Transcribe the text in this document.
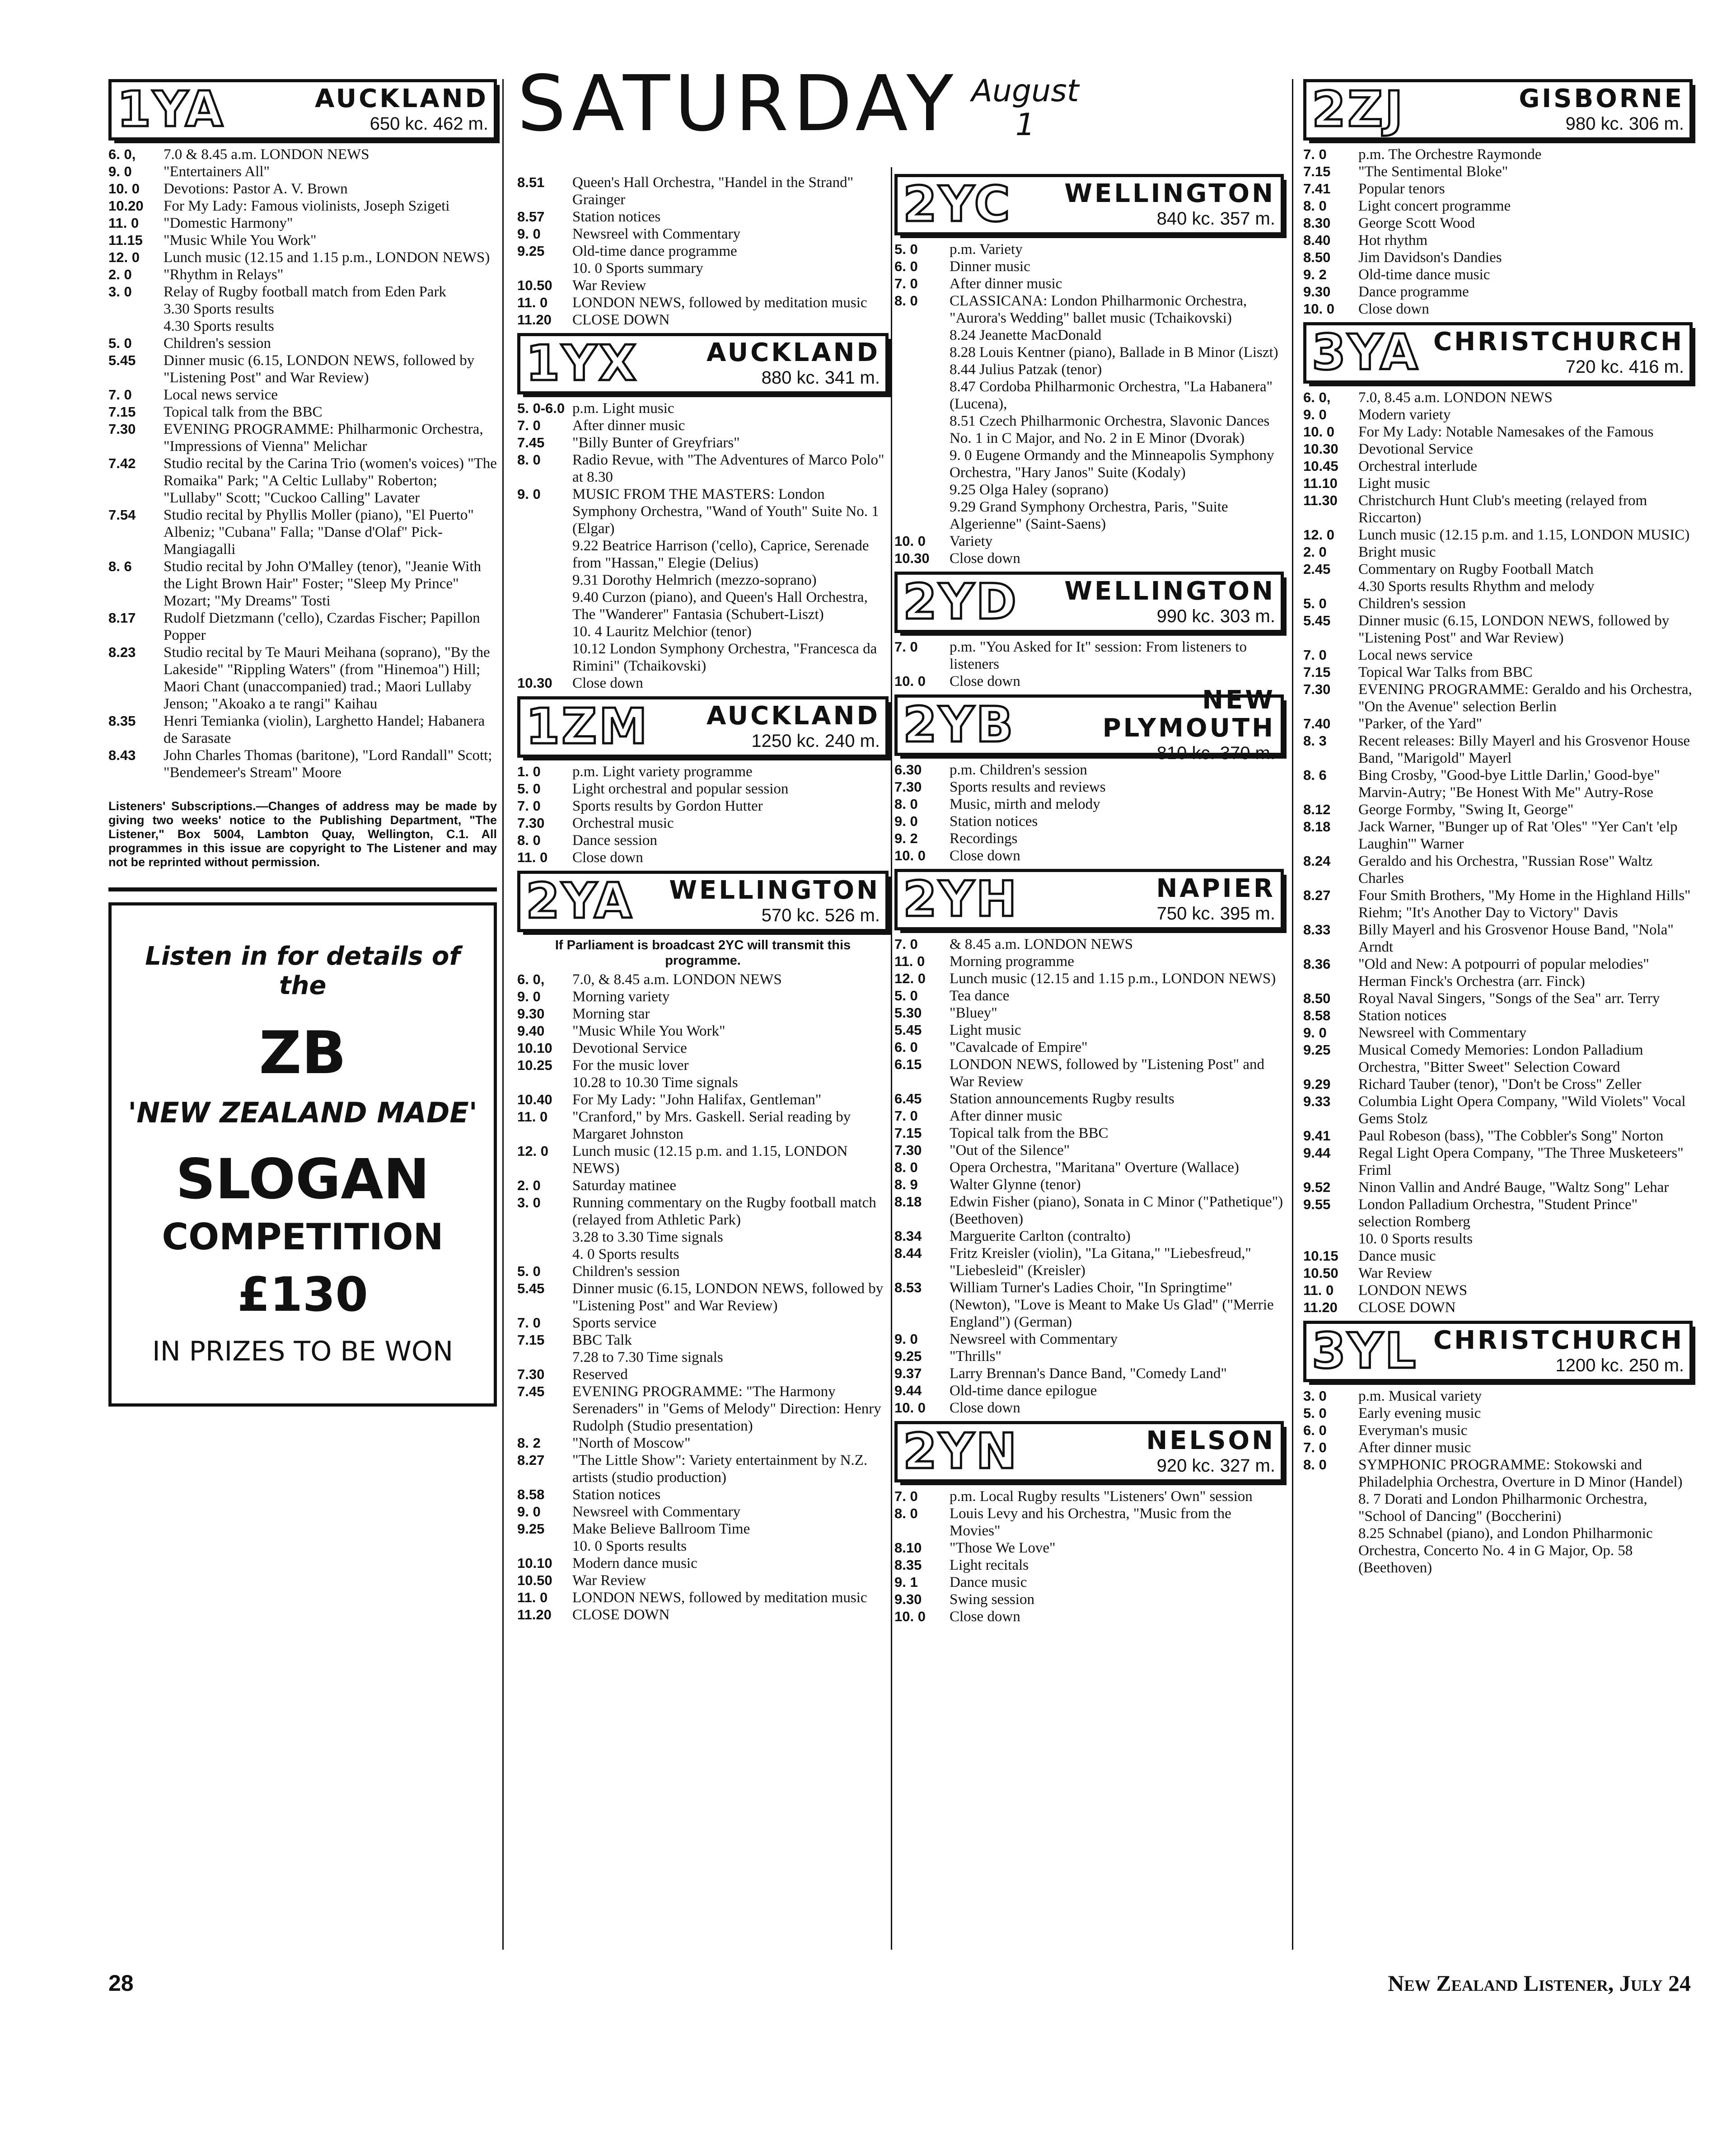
1YA	AUCKLAND
650 kc. 462 m.
6. 0,	7.0 & 8.45 a.m. LONDON NEWS
9. 0	"Entertainers All"
10. 0	Devotions: Pastor A. V. Brown
10.20	For My Lady: Famous violinists, Joseph Szigeti
11. 0	"Domestic Harmony"
11.15	"Music While You Work"
12. 0	Lunch music (12.15 and 1.15 p.m., LONDON NEWS)
2. 0	"Rhythm in Relays"
3. 0	Relay of Rugby football match from Eden Park
3.30 Sports results
4.30 Sports results
5. 0	Children's session
5.45	Dinner music (6.15, LONDON NEWS, followed by "Listening Post" and War Review)
7. 0	Local news service
7.15	Topical talk from the BBC
7.30	EVENING PROGRAMME: Philharmonic Orchestra, "Impressions of Vienna" Melichar
7.42	Studio recital by the Carina Trio (women's voices) "The Romaika" Park; "A Celtic Lullaby" Roberton; "Lullaby" Scott; "Cuckoo Calling" Lavater
7.54	Studio recital by Phyllis Moller (piano), "El Puerto" Albeniz; "Cubana" Falla; "Danse d'Olaf" Pick-Mangiagalli
8. 6	Studio recital by John O'Malley (tenor), "Jeanie With the Light Brown Hair" Foster; "Sleep My Prince" Mozart; "My Dreams" Tosti
8.17	Rudolf Dietzmann ('cello), Czardas Fischer; Papillon Popper
8.23	Studio recital by Te Mauri Meihana (soprano), "By the Lakeside" "Rippling Waters" (from "Hinemoa") Hill; Maori Chant (unaccompanied) trad.; Maori Lullaby Jenson; "Akoako a te rangi" Kaihau
8.35	Henri Temianka (violin), Larghetto Handel; Habanera de Sarasate
8.43	John Charles Thomas (baritone), "Lord Randall" Scott; "Bendemeer's Stream" Moore
Listeners' Subscriptions.—Changes of address may be made by giving two weeks' notice to the Publishing Department, "The Listener," Box 5004, Lambton Quay, Wellington, C.1. All programmes in this issue are copyright to The Listener and may not be reprinted without permission.
Listen in for details of the
ZB
'NEW ZEALAND MADE'
SLOGAN
COMPETITION
£130
IN PRIZES TO BE WON
SATURDAY August
1
8.51	Queen's Hall Orchestra, "Handel in the Strand" Grainger
8.57	Station notices
9. 0	Newsreel with Commentary
9.25	Old-time dance programme
10. 0 Sports summary
10.50	War Review
11. 0	LONDON NEWS, followed by meditation music
11.20	CLOSE DOWN
1YX	AUCKLAND
880 kc. 341 m.
5. 0-6.0 p.m. Light music
7. 0	After dinner music
7.45	"Billy Bunter of Greyfriars"
8. 0	Radio Revue, with "The Adventures of Marco Polo" at 8.30
9. 0	MUSIC FROM THE MASTERS: London Symphony Orchestra, "Wand of Youth" Suite No. 1 (Elgar)
9.22 Beatrice Harrison ('cello), Caprice, Serenade from "Hassan," Elegie (Delius)
9.31 Dorothy Helmrich (mezzo-soprano)
9.40 Curzon (piano), and Queen's Hall Orchestra, The "Wanderer" Fantasia (Schubert-Liszt)
10. 4 Lauritz Melchior (tenor)
10.12 London Symphony Orchestra, "Francesca da Rimini" (Tchaikovski)
10.30	Close down
1ZM	AUCKLAND
1250 kc. 240 m.
1. 0	p.m. Light variety programme
5. 0	Light orchestral and popular session
7. 0	Sports results by Gordon Hutter
7.30	Orchestral music
8. 0	Dance session
11. 0	Close down
2YA	WELLINGTON
570 kc. 526 m.
If Parliament is broadcast 2YC will transmit this programme.
6. 0,	7.0, & 8.45 a.m. LONDON NEWS
9. 0	Morning variety
9.30	Morning star
9.40	"Music While You Work"
10.10	Devotional Service
10.25	For the music lover
10.28 to 10.30 Time signals
10.40	For My Lady: "John Halifax, Gentleman"
11. 0	"Cranford," by Mrs. Gaskell. Serial reading by Margaret Johnston
12. 0	Lunch music (12.15 p.m. and 1.15, LONDON NEWS)
2. 0	Saturday matinee
3. 0	Running commentary on the Rugby football match (relayed from Athletic Park)
3.28 to 3.30 Time signals
4. 0 Sports results
5. 0	Children's session
5.45	Dinner music (6.15, LONDON NEWS, followed by "Listening Post" and War Review)
7. 0	Sports service
7.15	BBC Talk
7.28 to 7.30 Time signals
7.30	Reserved
7.45	EVENING PROGRAMME: "The Harmony Serenaders" in "Gems of Melody" Direction: Henry Rudolph (Studio presentation)
8. 2	"North of Moscow"
8.27	"The Little Show": Variety entertainment by N.Z. artists (studio production)
8.58	Station notices
9. 0	Newsreel with Commentary
9.25	Make Believe Ballroom Time
10. 0 Sports results
10.10	Modern dance music
10.50	War Review
11. 0	LONDON NEWS, followed by meditation music
11.20	CLOSE DOWN
2YC	WELLINGTON
840 kc. 357 m.
5. 0	p.m. Variety
6. 0	Dinner music
7. 0	After dinner music
8. 0	CLASSICANA: London Philharmonic Orchestra, "Aurora's Wedding" ballet music (Tchaikovski)
8.24 Jeanette MacDonald
8.28 Louis Kentner (piano), Ballade in B Minor (Liszt)
8.44 Julius Patzak (tenor)
8.47 Cordoba Philharmonic Orchestra, "La Habanera" (Lucena),
8.51 Czech Philharmonic Orchestra, Slavonic Dances No. 1 in C Major, and No. 2 in E Minor (Dvorak)
9. 0 Eugene Ormandy and the Minneapolis Symphony Orchestra, "Hary Janos" Suite (Kodaly)
9.25 Olga Haley (soprano)
9.29 Grand Symphony Orchestra, Paris, "Suite Algerienne" (Saint-Saens)
10. 0	Variety
10.30	Close down
2YD	WELLINGTON
990 kc. 303 m.
7. 0	p.m. "You Asked for It" session: From listeners to listeners
10. 0	Close down
2YB	NEW PLYMOUTH
810 kc. 370 m.
6.30	p.m. Children's session
7.30	Sports results and reviews
8. 0	Music, mirth and melody
9. 0	Station notices
9. 2	Recordings
10. 0	Close down
2YH	NAPIER
750 kc. 395 m.
7. 0	& 8.45 a.m. LONDON NEWS
11. 0	Morning programme
12. 0	Lunch music (12.15 and 1.15 p.m., LONDON NEWS)
5. 0	Tea dance
5.30	"Bluey"
5.45	Light music
6. 0	"Cavalcade of Empire"
6.15	LONDON NEWS, followed by "Listening Post" and War Review
6.45	Station announcements Rugby results
7. 0	After dinner music
7.15	Topical talk from the BBC
7.30	"Out of the Silence"
8. 0	Opera Orchestra, "Maritana" Overture (Wallace)
8. 9	Walter Glynne (tenor)
8.18	Edwin Fisher (piano), Sonata in C Minor ("Pathetique") (Beethoven)
8.34	Marguerite Carlton (contralto)
8.44	Fritz Kreisler (violin), "La Gitana," "Liebesfreud," "Liebesleid" (Kreisler)
8.53	William Turner's Ladies Choir, "In Springtime" (Newton), "Love is Meant to Make Us Glad" ("Merrie England") (German)
9. 0	Newsreel with Commentary
9.25	"Thrills"
9.37	Larry Brennan's Dance Band, "Comedy Land"
9.44	Old-time dance epilogue
10. 0	Close down
2YN	NELSON
920 kc. 327 m.
7. 0	p.m. Local Rugby results "Listeners' Own" session
8. 0	Louis Levy and his Orchestra, "Music from the Movies"
8.10	"Those We Love"
8.35	Light recitals
9. 1	Dance music
9.30	Swing session
10. 0	Close down
2ZJ	GISBORNE
980 kc. 306 m.
7. 0	p.m. The Orchestre Raymonde
7.15	"The Sentimental Bloke"
7.41	Popular tenors
8. 0	Light concert programme
8.30	George Scott Wood
8.40	Hot rhythm
8.50	Jim Davidson's Dandies
9. 2	Old-time dance music
9.30	Dance programme
10. 0	Close down
3YA CHRISTCHURCH
720 kc. 416 m.
6. 0,	7.0, 8.45 a.m. LONDON NEWS
9. 0	Modern variety
10. 0	For My Lady: Notable Namesakes of the Famous
10.30	Devotional Service
10.45	Orchestral interlude
11.10	Light music
11.30	Christchurch Hunt Club's meeting (relayed from Riccarton)
12. 0	Lunch music (12.15 p.m. and 1.15, LONDON MUSIC)
2. 0	Bright music
2.45	Commentary on Rugby Football Match
4.30 Sports results Rhythm and melody
5. 0	Children's session
5.45	Dinner music (6.15, LONDON NEWS, followed by "Listening Post" and War Review)
7. 0	Local news service
7.15	Topical War Talks from BBC
7.30	EVENING PROGRAMME: Geraldo and his Orchestra, "On the Avenue" selection Berlin
7.40	"Parker, of the Yard"
8. 3	Recent releases: Billy Mayerl and his Grosvenor House Band, "Marigold" Mayerl
8. 6	Bing Crosby, "Good-bye Little Darlin,' Good-bye" Marvin-Autry; "Be Honest With Me" Autry-Rose
8.12	George Formby, "Swing It, George"
8.18	Jack Warner, "Bunger up of Rat 'Oles" "Yer Can't 'elp Laughin'" Warner
8.24	Geraldo and his Orchestra, "Russian Rose" Waltz Charles
8.27	Four Smith Brothers, "My Home in the Highland Hills" Riehm; "It's Another Day to Victory" Davis
8.33	Billy Mayerl and his Grosvenor House Band, "Nola" Arndt
8.36	"Old and New: A potpourri of popular melodies" Herman Finck's Orchestra (arr. Finck)
8.50	Royal Naval Singers, "Songs of the Sea" arr. Terry
8.58	Station notices
9. 0	Newsreel with Commentary
9.25	Musical Comedy Memories: London Palladium Orchestra, "Bitter Sweet" Selection Coward
9.29	Richard Tauber (tenor), "Don't be Cross" Zeller
9.33	Columbia Light Opera Company, "Wild Violets" Vocal Gems Stolz
9.41	Paul Robeson (bass), "The Cobbler's Song" Norton
9.44	Regal Light Opera Company, "The Three Musketeers" Friml
9.52	Ninon Vallin and André Bauge, "Waltz Song" Lehar
9.55	London Palladium Orchestra, "Student Prince" selection Romberg
10. 0 Sports results
10.15	Dance music
10.50	War Review
11. 0	LONDON NEWS
11.20	CLOSE DOWN
3YL CHRISTCHURCH
1200 kc. 250 m.
3. 0	p.m. Musical variety
5. 0	Early evening music
6. 0	Everyman's music
7. 0	After dinner music
8. 0	SYMPHONIC PROGRAMME: Stokowski and Philadelphia Orchestra, Overture in D Minor (Handel)
8. 7 Dorati and London Philharmonic Orchestra, "School of Dancing" (Boccherini)
8.25 Schnabel (piano), and London Philharmonic Orchestra, Concerto No. 4 in G Major, Op. 58 (Beethoven)
28	New Zealand Listener, July 24
